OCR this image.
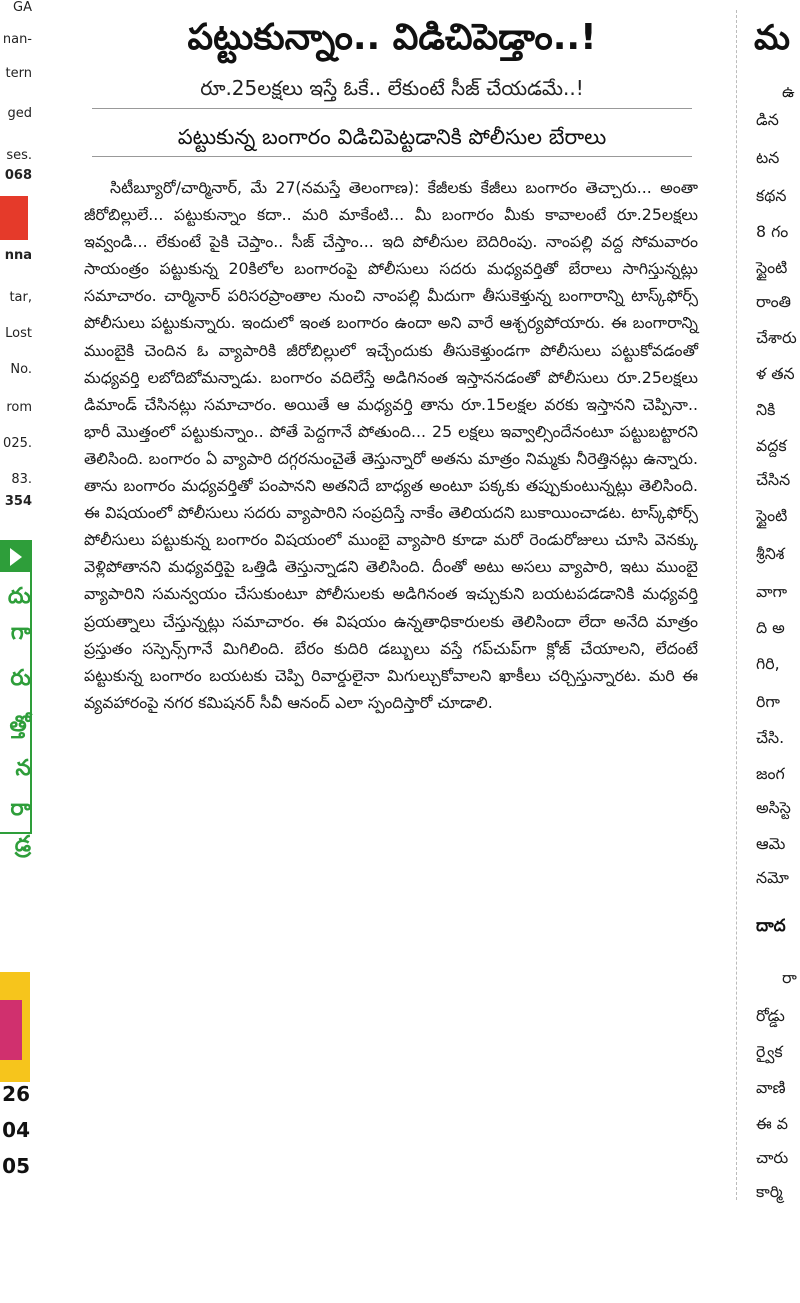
GA
nan-
tern
ged
ses.
068
nna
tar,
Lost
No.
rom
025.
83.
354
దు
గా
రు
త్తో
న
రా
డ్ర
26
04
05
పట్టుకున్నాం.. విడిచిపెడ్తాం..!
రూ.25లక్షలు ఇస్తే ఓకే.. లేకుంటే సీజ్ చేయడమే..!
పట్టుకున్న బంగారం విడిచిపెట్టడానికి పోలీసుల బేరాలు

సిటీబ్యూరో/చార్మినార్, మే 27(నమస్తే తెలంగాణ): కేజీలకు కేజీలు బంగారం తెచ్చారు... అంతా జీరోబిల్లులే... పట్టుకున్నాం కదా.. మరి మాకేంటి... మీ బంగారం మీకు కావాలంటే రూ.25లక్షలు ఇవ్వండి... లేకుంటే పైకి చెప్తాం.. సీజ్ చేస్తాం... ఇది పోలీసుల బెదిరింపు. నాంపల్లి వద్ద సోమవారం సాయంత్రం పట్టుకున్న 20కిలోల బంగారంపై పోలీసులు సదరు మధ్యవర్తితో బేరాలు సాగిస్తున్నట్లు సమాచారం. చార్మినార్ పరిసరప్రాంతాల నుంచి నాంపల్లి మీదుగా తీసుకెళ్తున్న బంగారాన్ని టాస్క్‌ఫోర్స్ పోలీసులు పట్టుకున్నారు. ఇందులో ఇంత బంగారం ఉందా అని వారే ఆశ్చర్యపోయారు. ఈ బంగారాన్ని ముంబైకి చెందిన ఓ వ్యాపారికి జీరోబిల్లులో ఇచ్చేందుకు తీసుకెళ్తుండగా పోలీసులు పట్టుకోవడంతో మధ్యవర్తి లబోదిబోమన్నాడు. బంగారం వదిలేస్తే అడిగినంత ఇస్తాననడంతో పోలీసులు రూ.25లక్షలు డిమాండ్ చేసినట్లు సమాచారం. అయితే ఆ మధ్యవర్తి తాను రూ.15లక్షల వరకు ఇస్తానని చెప్పినా.. భారీ మొత్తంలో పట్టుకున్నాం.. పోతే పెద్దగానే పోతుంది... 25 లక్షలు ఇవ్వాల్సిందేనంటూ పట్టుబట్టారని తెలిసింది. బంగారం ఏ వ్యాపారి దగ్గరనుంచైతే తెస్తున్నారో అతను మాత్రం నిమ్మకు నీరెత్తినట్లు ఉన్నారు. తాను బంగారం మధ్యవర్తితో పంపానని అతనిదే బాధ్యత అంటూ పక్కకు తప్పుకుంటున్నట్లు తెలిసింది. ఈ విషయంలో పోలీసులు సదరు వ్యాపారిని సంప్రదిస్తే నాకేం తెలియదని బుకాయించాడట. టాస్క్‌ఫోర్స్ పోలీసులు పట్టుకున్న బంగారం విషయంలో ముంబై వ్యాపారి కూడా మరో రెండురోజులు చూసి వెనక్కు వెళ్లిపోతానని మధ్యవర్తిపై ఒత్తిడి తెస్తున్నాడని తెలిసింది. దీంతో అటు అసలు వ్యాపారి, ఇటు ముంబై వ్యాపారిని సమన్వయం చేసుకుంటూ పోలీసులకు అడిగినంత ఇచ్చుకుని బయటపడడానికి మధ్యవర్తి ప్రయత్నాలు చేస్తున్నట్లు సమాచారం. ఈ విషయం ఉన్నతాధికారులకు తెలిసిందా లేదా అనేది మాత్రం ప్రస్తుతం సస్పెన్స్‌గానే మిగిలింది. బేరం కుదిరి డబ్బులు వస్తే గప్‌చుప్‌గా క్లోజ్ చేయాలని, లేదంటే పట్టుకున్న బంగారం బయటకు చెప్పి రివార్డులైనా మిగుల్చుకోవాలని ఖాకీలు చర్చిస్తున్నారట. మరి ఈ వ్యవహారంపై నగర కమిషనర్ సీవీ ఆనంద్ ఎలా స్పందిస్తారో చూడాలి.

మ
ఉ
డిన
టన
కథన
8 గం
స్టైంటి
రాంతి
చేశారు
ళ తన
నికి
వద్దక
చేసిన
స్టైంటి
శ్రీనిశ
వాగా
ది అ
గిరి,
రిగా
చేసి.
జంగ
అసిస్టె
ఆమె
నమో
దాద
రా
రోడ్డు
ర్వైక
వాణి
ఈ వ
చారు
కార్మి
